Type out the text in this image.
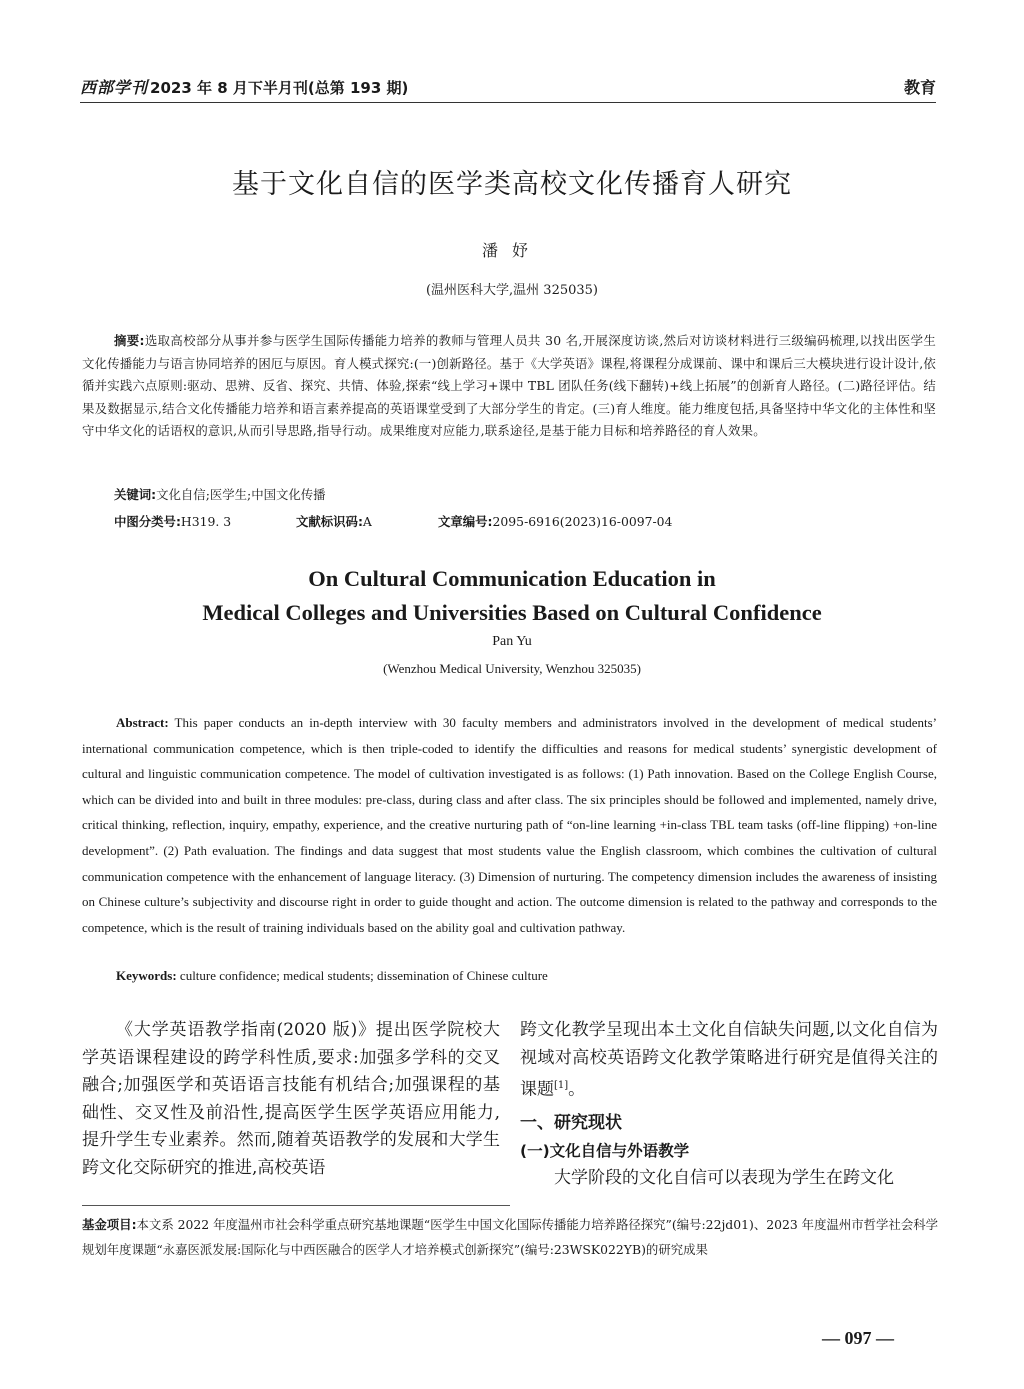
西部学刊 2023 年 8 月下半月刊(总第 193 期)	教育
基于文化自信的医学类高校文化传播育人研究
潘妤
(温州医科大学,温州 325035)
摘要:选取高校部分从事并参与医学生国际传播能力培养的教师与管理人员共 30 名,开展深度访谈,然后对访谈材料进行三级编码梳理,以找出医学生文化传播能力与语言协同培养的困厄与原因。育人模式探究:(一)创新路径。基于《大学英语》课程,将课程分成课前、课中和课后三大模块进行设计设计,依循并实践六点原则:驱动、思辨、反省、探究、共情、体验,探索“线上学习+课中 TBL 团队任务(线下翻转)+线上拓展”的创新育人路径。(二)路径评估。结果及数据显示,结合文化传播能力培养和语言素养提高的英语课堂受到了大部分学生的肯定。(三)育人维度。能力维度包括,具备坚持中华文化的主体性和坚守中华文化的话语权的意识,从而引导思路,指导行动。成果维度对应能力,联系途径,是基于能力目标和培养路径的育人效果。
关键词:文化自信;医学生;中国文化传播
中图分类号:H319. 3	文献标识码:A	文章编号:2095-6916(2023)16-0097-04
On Cultural Communication Education in
Medical Colleges and Universities Based on Cultural Confidence
Pan Yu
(Wenzhou Medical University, Wenzhou 325035)
Abstract: This paper conducts an in-depth interview with 30 faculty members and administrators involved in the development of medical students’ international communication competence, which is then triple-coded to identify the difficulties and reasons for medical students’ synergistic development of cultural and linguistic communication competence. The model of cultivation investigated is as follows: (1) Path innovation. Based on the College English Course, which can be divided into and built in three modules: pre-class, during class and after class. The six principles should be followed and implemented, namely drive, critical thinking, reflection, inquiry, empathy, experience, and the creative nurturing path of “on-line learning +in-class TBL team tasks (off-line flipping) +on-line development”. (2) Path evaluation. The findings and data suggest that most students value the English classroom, which combines the cultivation of cultural communication competence with the enhancement of language literacy. (3) Dimension of nurturing. The competency dimension includes the awareness of insisting on Chinese culture’s subjectivity and discourse right in order to guide thought and action. The outcome dimension is related to the pathway and corresponds to the competence, which is the result of training individuals based on the ability goal and cultivation pathway.
Keywords: culture confidence; medical students; dissemination of Chinese culture

《大学英语教学指南(2020 版)》提出医学院校大学英语课程建设的跨学科性质,要求:加强多学科的交叉融合;加强医学和英语语言技能有机结合;加强课程的基础性、交叉性及前沿性,提高医学生医学英语应用能力,提升学生专业素养。然而,随着英语教学的发展和大学生跨文化交际研究的推进,高校英语

跨文化教学呈现出本土文化自信缺失问题,以文化自信为视域对高校英语跨文化教学策略进行研究是值得关注的课题[1]。

一、研究现状

(一)文化自信与外语教学

大学阶段的文化自信可以表现为学生在跨文化

基金项目:本文系 2022 年度温州市社会科学重点研究基地课题“医学生中国文化国际传播能力培养路径探究”(编号:22jd01)、2023 年度温州市哲学社会科学规划年度课题“永嘉医派发展:国际化与中西医融合的医学人才培养模式创新探究”(编号:23WSK022YB)的研究成果
— 097 —
